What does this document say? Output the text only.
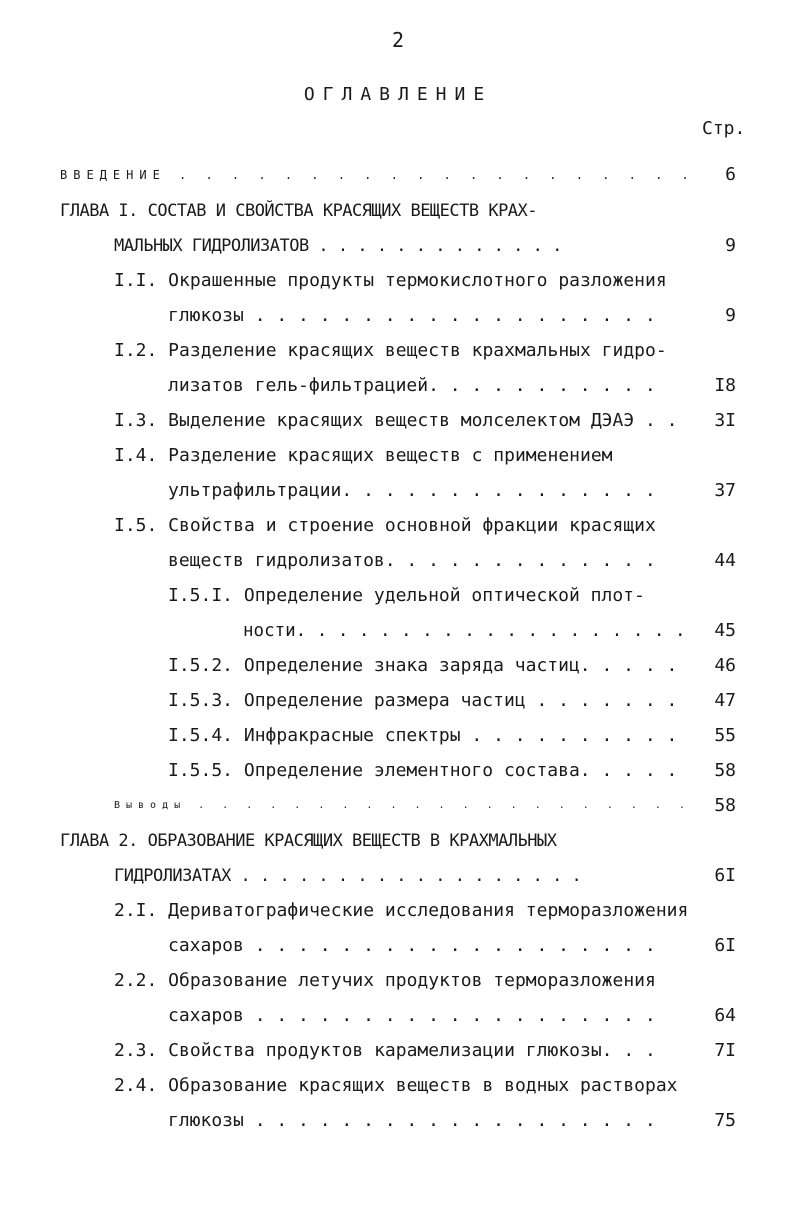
2
ОГЛАВЛЕНИЕ
Стр.
ВВЕДЕНИЕ . . . . . . . . . . . . . . . . . . . . 6
ГЛАВА I. СОСТАВ И СВОЙСТВА КРАСЯЩИХ ВЕЩЕСТВ КРАХ-
МАЛЬНЫХ ГИДРОЛИЗАТОВ . . . . . . . . . . . . .	9
I.I. Окрашенные продукты термокислотного разложения
глюкозы . . . . . . . . . . . . . . . . . . .	9
I.2. Разделение красящих веществ крахмальных гидро-
лизатов гель-фильтрацией. . . . . . . . . . .	I8
I.3. Выделение красящих веществ молселектом ДЭАЭ . . 3I
I.4. Разделение красящих веществ с применением
ультрафильтрации. . . . . . . . . . . . . . .	37
I.5. Свойства и строение основной фракции красящих
веществ гидролизатов. . . . . . . . . . . . .	44
I.5.I. Определение удельной оптической плот-
ности. . . . . . . . . . . . . . . . . . . 45
I.5.2. Определение знака заряда частиц. . . . . 46
I.5.3. Определение размера частиц . . . . . . . 47
I.5.4. Инфракрасные спектры . . . . . . . . . . 55
I.5.5. Определение элементного состава. . . . . 58
Выводы . . . . . . . . . . . . . . . . . . . . . 58
ГЛАВА 2. ОБРАЗОВАНИЕ КРАСЯЩИХ ВЕЩЕСТВ В КРАХМАЛЬНЫХ
ГИДРОЛИЗАТАХ . . . . . . . . . . . . . . . . . .	6I
2.I. Дериватографические исследования терморазложения
сахаров . . . . . . . . . . . . . . . . . . .	6I
2.2. Образование летучих продуктов терморазложения
сахаров . . . . . . . . . . . . . . . . . . .	64
2.3. Свойства продуктов карамелизации глюкозы. . .	7I
2.4. Образование красящих веществ в водных растворах
глюкозы . . . . . . . . . . . . . . . . . . .	75
